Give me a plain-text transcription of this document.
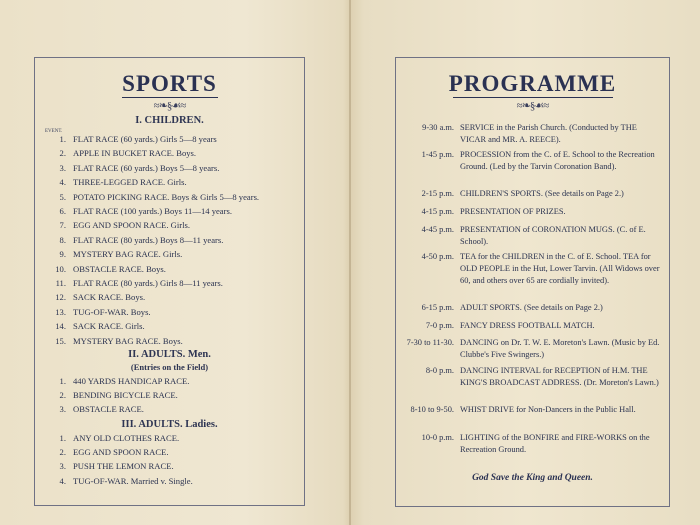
SPORTS
≈❧§☙≈
I. CHILDREN.
EVENT.
1. FLAT RACE (60 yards.) Girls 5—8 years
2. APPLE IN BUCKET RACE. Boys.
3. FLAT RACE (60 yards.) Boys 5—8 years.
4. THREE-LEGGED RACE. Girls.
5. POTATO PICKING RACE. Boys & Girls 5—8 years.
6. FLAT RACE (100 yards.) Boys 11—14 years.
7. EGG AND SPOON RACE. Girls.
8. FLAT RACE (80 yards.) Boys 8—11 years.
9. MYSTERY BAG RACE. Girls.
10. OBSTACLE RACE. Boys.
11. FLAT RACE (80 yards.) Girls 8—11 years.
12. SACK RACE. Boys.
13. TUG-OF-WAR. Boys.
14. SACK RACE. Girls.
15. MYSTERY BAG RACE. Boys.
II. ADULTS. Men.
(Entries on the Field)
1. 440 YARDS HANDICAP RACE.
2. BENDING BICYCLE RACE.
3. OBSTACLE RACE.
III. ADULTS. Ladies.
1. ANY OLD CLOTHES RACE.
2. EGG AND SPOON RACE.
3. PUSH THE LEMON RACE.
4. TUG-OF-WAR. Married v. Single.
PROGRAMME
≈❧§☙≈
9-30 a.m. SERVICE in the Parish Church. (Conducted by THE VICAR and MR. A. REECE).
1-45 p.m. PROCESSION from the C. of E. School to the Recreation Ground. (Led by the Tarvin Coronation Band).
2-15 p.m. CHILDREN'S SPORTS. (See details on Page 2.)
4-15 p.m. PRESENTATION OF PRIZES.
4-45 p.m. PRESENTATION of CORONATION MUGS. (C. of E. School).
4-50 p.m. TEA for the CHILDREN in the C. of E. School. TEA for OLD PEOPLE in the Hut, Lower Tarvin. (All Widows over 60, and others over 65 are cordially invited).
6-15 p.m. ADULT SPORTS. (See details on Page 2.)
7-0 p.m. FANCY DRESS FOOTBALL MATCH.
7-30 to 11-30. DANCING on Dr. T. W. E. Moreton's Lawn. (Music by Ed. Clubbe's Five Swingers.)
8-0 p.m. DANCING INTERVAL for RECEPTION of H.M. THE KING'S BROADCAST ADDRESS. (Dr. Moreton's Lawn.)
8-10 to 9-50. WHIST DRIVE for Non-Dancers in the Public Hall.
10-0 p.m. LIGHTING of the BONFIRE and FIRE-WORKS on the Recreation Ground.
God Save the King and Queen.
